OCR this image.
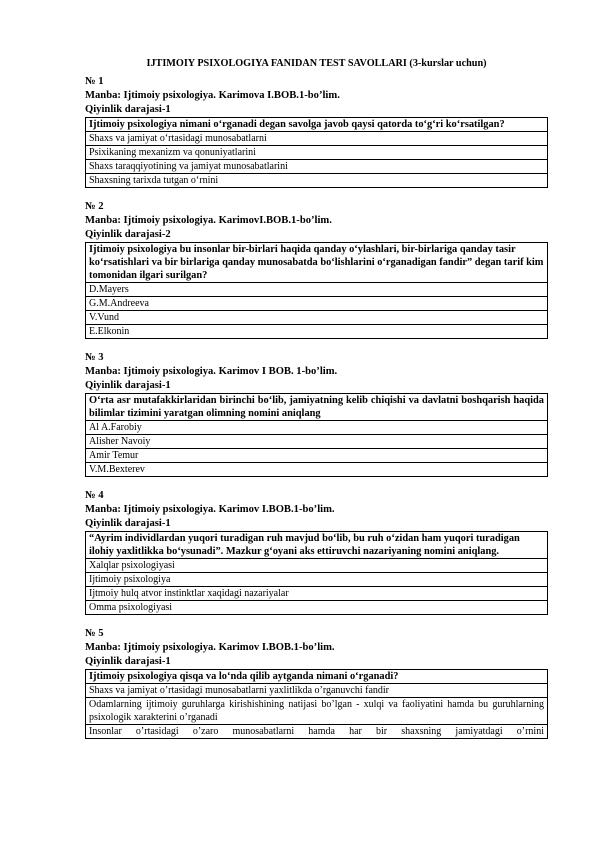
IJTIMOIY PSIXOLOGIYA FANIDAN TEST SAVOLLARI (3-kurslar uchun)
№ 1
Manba: Ijtimoiy psixologiya. Karimova I.BOB.1-bo’lim.
Qiyinlik darajasi-1
Ijtimoiy psixologiya nimani o‘rganadi degan savolga javob qaysi qatorda to‘g‘ri ko‘rsatilgan?
Shaxs va jamiyat o‘rtasidagi munosabatlarni
Psixikaning mexanizm va qonuniyatlarini
Shaxs taraqqiyotining va jamiyat munosabatlarini
Shaxsning tarixda tutgan o‘rnini
№ 2
Manba: Ijtimoiy psixologiya. KarimovI.BOB.1-bo’lim.
Qiyinlik darajasi-2
Ijtimoiy psixologiya bu insonlar bir-birlari haqida qanday o‘ylashlari, bir-birlariga qanday tasir ko‘rsatishlari va bir birlariga qanday munosabatda bo‘lishlarini o‘rganadigan fandir” degan tarif kim tomonidan ilgari surilgan?
D.Mayers
G.M.Andreeva
V.Vund
E.Elkonin
№ 3
Manba: Ijtimoiy psixologiya. Karimov I BOB. 1-bo’lim.
Qiyinlik darajasi-1
O‘rta asr mutafakkirlaridan birinchi bo‘lib, jamiyatning kelib chiqishi va davlatni boshqarish haqida bilimlar tizimini yaratgan olimning nomini aniqlang
Al A.Farobiy
Alisher Navoiy
Amir Temur
V.M.Bexterev
№ 4
Manba: Ijtimoiy psixologiya. Karimov I.BOB.1-bo’lim.
Qiyinlik darajasi-1
“Ayrim individlardan yuqori turadigan ruh mavjud bo‘lib, bu ruh o‘zidan ham yuqori turadigan ilohiy yaxlitlikka bo‘ysunadi”. Mazkur g‘oyani aks ettiruvchi nazariyaning nomini aniqlang.
Xalqlar psixologiyasi
Ijtimoiy psixologiya
Ijtmoiy hulq atvor instinktlar xaqidagi nazariyalar
Omma psixologiyasi
№ 5
Manba: Ijtimoiy psixologiya. Karimov I.BOB.1-bo’lim.
Qiyinlik darajasi-1
Ijtimoiy psixologiya qisqa va lo‘nda qilib aytganda nimani o‘rganadi?
Shaxs va jamiyat o’rtasidagi munosabatlarni yaxlitlikda o’rganuvchi fandir
Odamlarning ijtimoiy guruhlarga kirishishining natijasi bo’lgan - xulqi va faoliyatini hamda bu guruhlarning psixologik xarakterini o’rganadi

Insonlar o’rtasidagi o’zaro munosabatlarni hamda har bir shaxsning jamiyatdagi o’rnini
